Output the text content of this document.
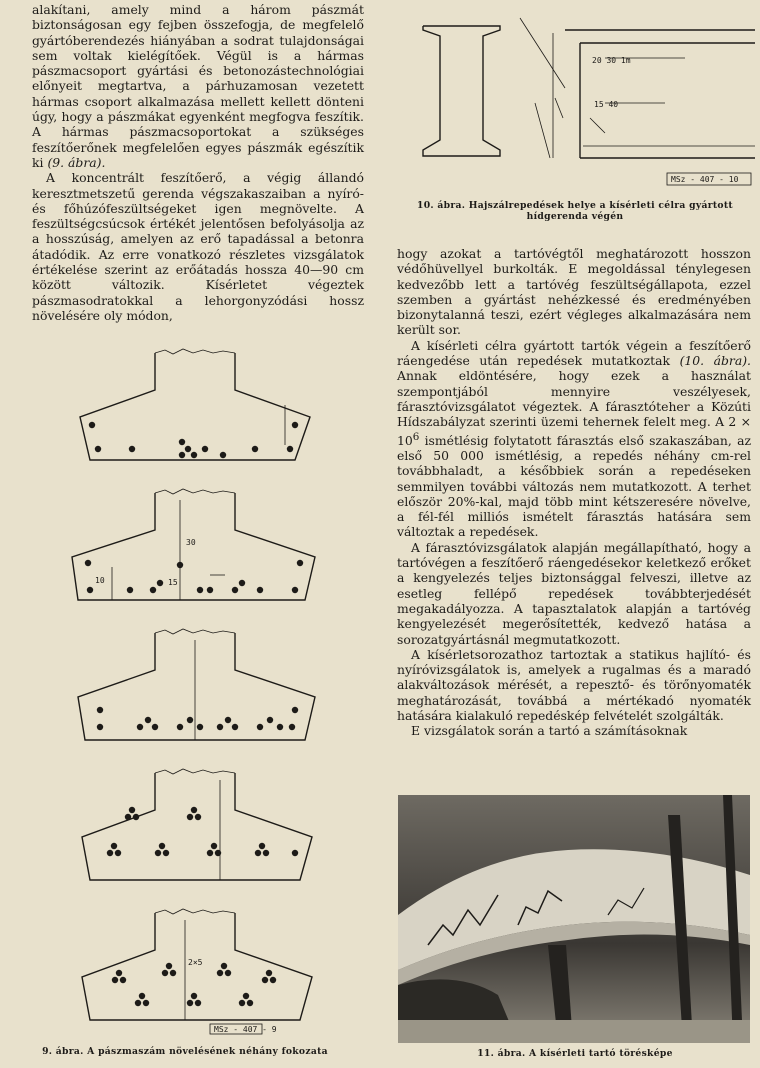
alakítani, amely mind a három pászmát biztonságosan egy fejben összefogja, de megfelelő gyártóberendezés hiányában a sodrat tulajdonságai sem voltak kielégítőek. Végül is a hármas pászmacsoport gyártási és betonozástechnológiai előnyeit megtartva, a párhuzamosan vezetett hármas csoport alkalmazása mellett kellett dönteni úgy, hogy a pászmákat egyenként megfogva feszítik. A hármas pászmacsoportokat a szükséges feszítőerőnek megfelelően egyes pászmák egészítik ki (9. ábra).

A koncentrált feszítőerő, a végig állandó keresztmetszetű gerenda végszakaszaiban a nyíró- és főhúzófeszültségeket igen megnövelte. A feszültségcsúcsok értékét jelentősen befolyásolja az a hosszúság, amelyen az erő tapadással a betonra átadódik. Az erre vonatkozó részletes vizsgálatok értékelése szerint az erőátadás hossza 40—90 cm között változik. Kísérletet végeztek pászmasodratokkal a lehorgonyzódási hossz növelésére oly módon,

10	15
30
2×5
MSz - 407 - 9
9. ábra. A pászmaszám növelésének néhány fokozata
20 30 1m
15 40
MSz - 407 - 10
10. ábra. Hajszálrepedések helye a kísérleti célra gyártott
hídgerenda végén

hogy azokat a tartóvégtől meghatározott hosszon védőhüvellyel burkolták. E megoldással ténylegesen kedvezőbb lett a tartóvég feszültségállapota, ezzel szemben a gyártást nehézkessé és eredményében bizonytalanná teszi, ezért végleges alkalmazására nem került sor.

A kísérleti célra gyártott tartók végein a feszítőerő ráengedése után repedések mutatkoztak (10. ábra). Annak eldöntésére, hogy ezek a használat szempontjából mennyire veszélyesek, fárasztóvizsgálatot végeztek. A fárasztóteher a Közúti Hídszabályzat szerinti üzemi tehernek felelt meg. A $2 \times 10^6$ ismétlésig folytatott fárasztás első szakaszában, az első 50 000 ismétlésig, a repedés néhány cm-rel továbbhaladt, a későbbiek során a repedéseken semmilyen további változás nem mutatkozott. A terhet először 20%-kal, majd több mint kétszeresére növelve, a fél-fél milliós ismételt fárasztás hatására sem változtak a repedések.

A fárasztóvizsgálatok alapján megállapítható, hogy a tartóvégen a feszítőerő ráengedésekor keletkező erőket a kengyelezés teljes biztonsággal felveszi, illetve az esetleg fellépő repedések továbbterjedését megakadályozza. A tapasztalatok alapján a tartóvég kengyelezését megerősítették, kedvező hatása a sorozatgyártásnál megmutatkozott.

A kísérletsorozathoz tartoztak a statikus hajlító- és nyíróvizsgálatok is, amelyek a rugalmas és a maradó alakváltozások mérését, a repesztő- és törőnyomaték meghatározását, továbbá a mértékadó nyomaték hatására kialakuló repedéskép felvételét szolgálták.

E vizsgálatok során a tartó a számításoknak

11. ábra. A kísérleti tartó törésképe
